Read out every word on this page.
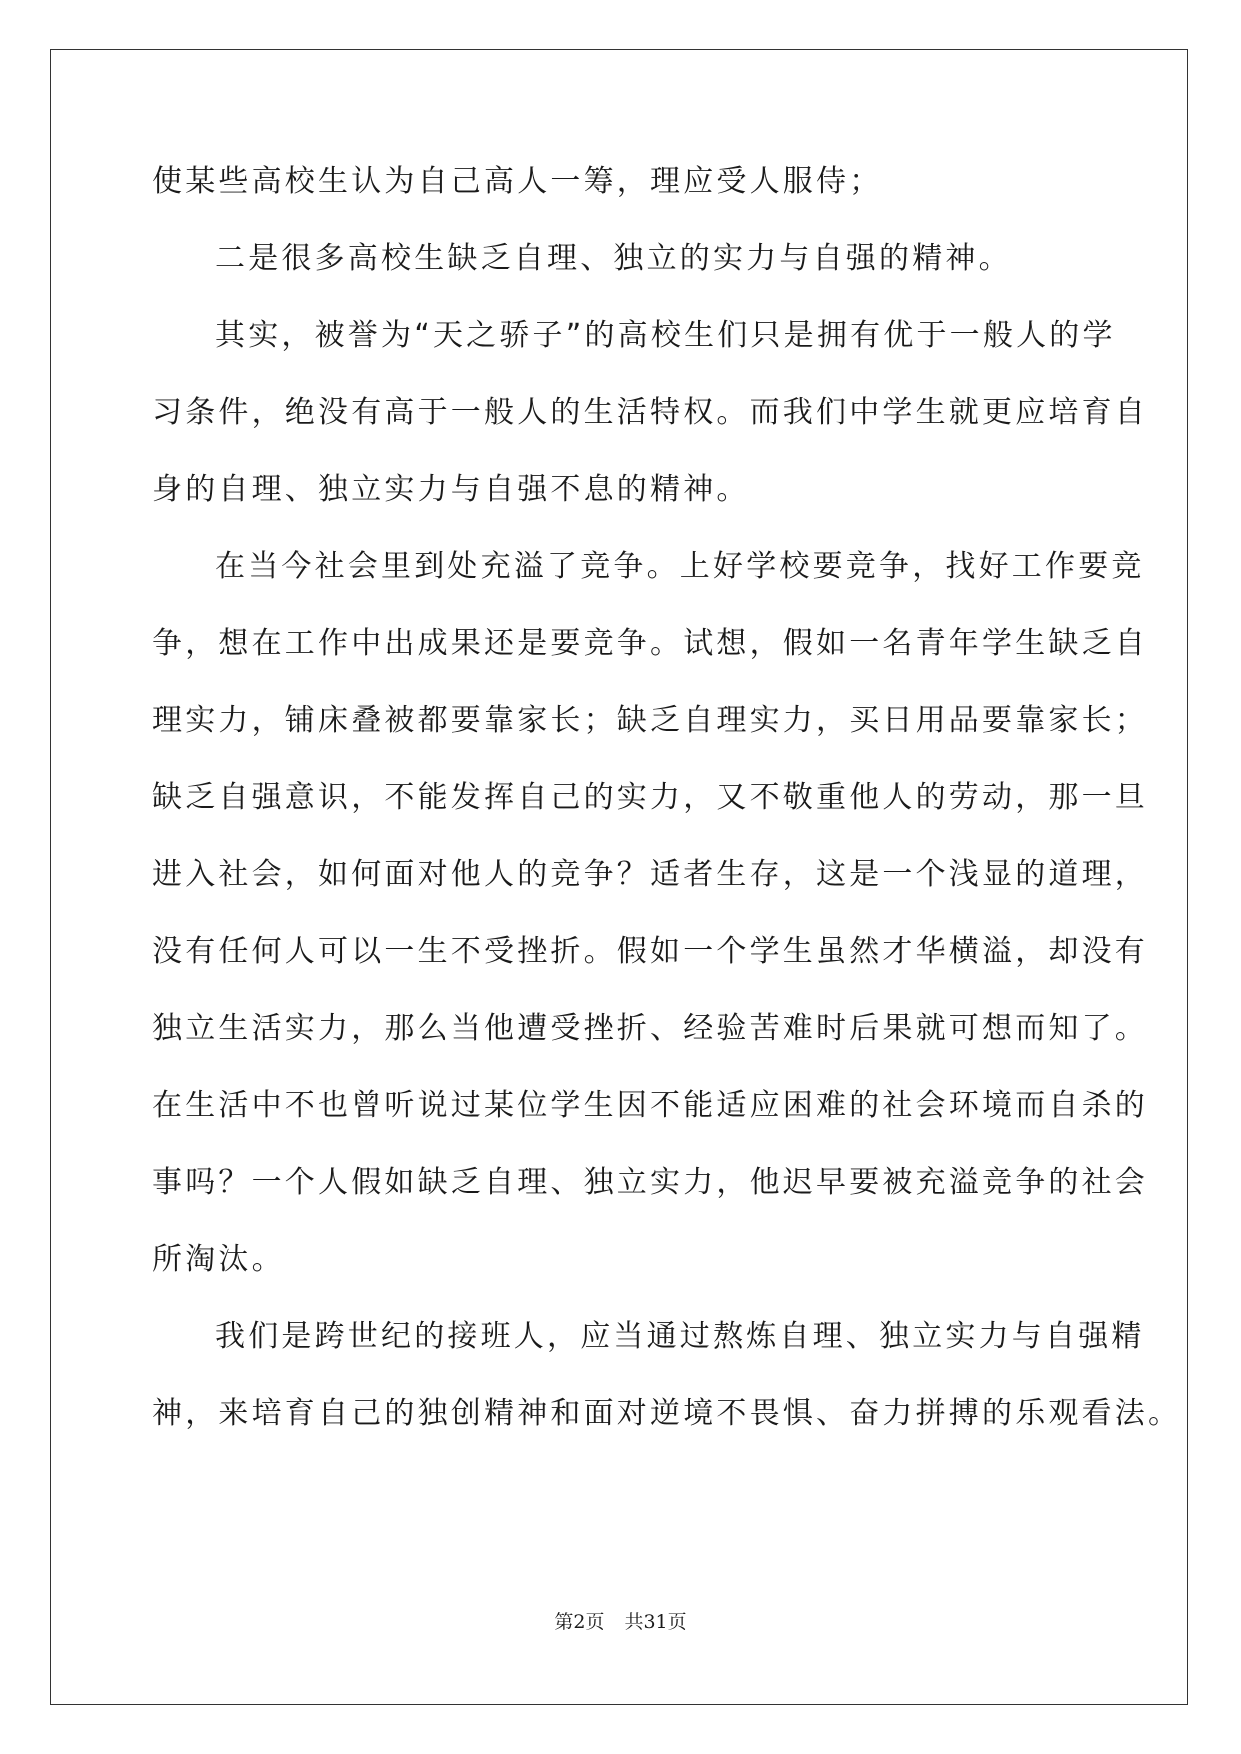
使某些高校生认为自己高人一筹，理应受人服侍；
二是很多高校生缺乏自理、独立的实力与自强的精神。
其实，被誉为“天之骄子”的高校生们只是拥有优于一般人的学
习条件，绝没有高于一般人的生活特权。而我们中学生就更应培育自
身的自理、独立实力与自强不息的精神。
在当今社会里到处充溢了竞争。上好学校要竞争，找好工作要竞
争，想在工作中出成果还是要竞争。试想，假如一名青年学生缺乏自
理实力，铺床叠被都要靠家长；缺乏自理实力，买日用品要靠家长；
缺乏自强意识，不能发挥自己的实力，又不敬重他人的劳动，那一旦
进入社会，如何面对他人的竞争？适者生存，这是一个浅显的道理，
没有任何人可以一生不受挫折。假如一个学生虽然才华横溢，却没有
独立生活实力，那么当他遭受挫折、经验苦难时后果就可想而知了。
在生活中不也曾听说过某位学生因不能适应困难的社会环境而自杀的
事吗？一个人假如缺乏自理、独立实力，他迟早要被充溢竞争的社会
所淘汰。
我们是跨世纪的接班人，应当通过熬炼自理、独立实力与自强精
神，来培育自己的独创精神和面对逆境不畏惧、奋力拼搏的乐观看法。
第2页 共31页
